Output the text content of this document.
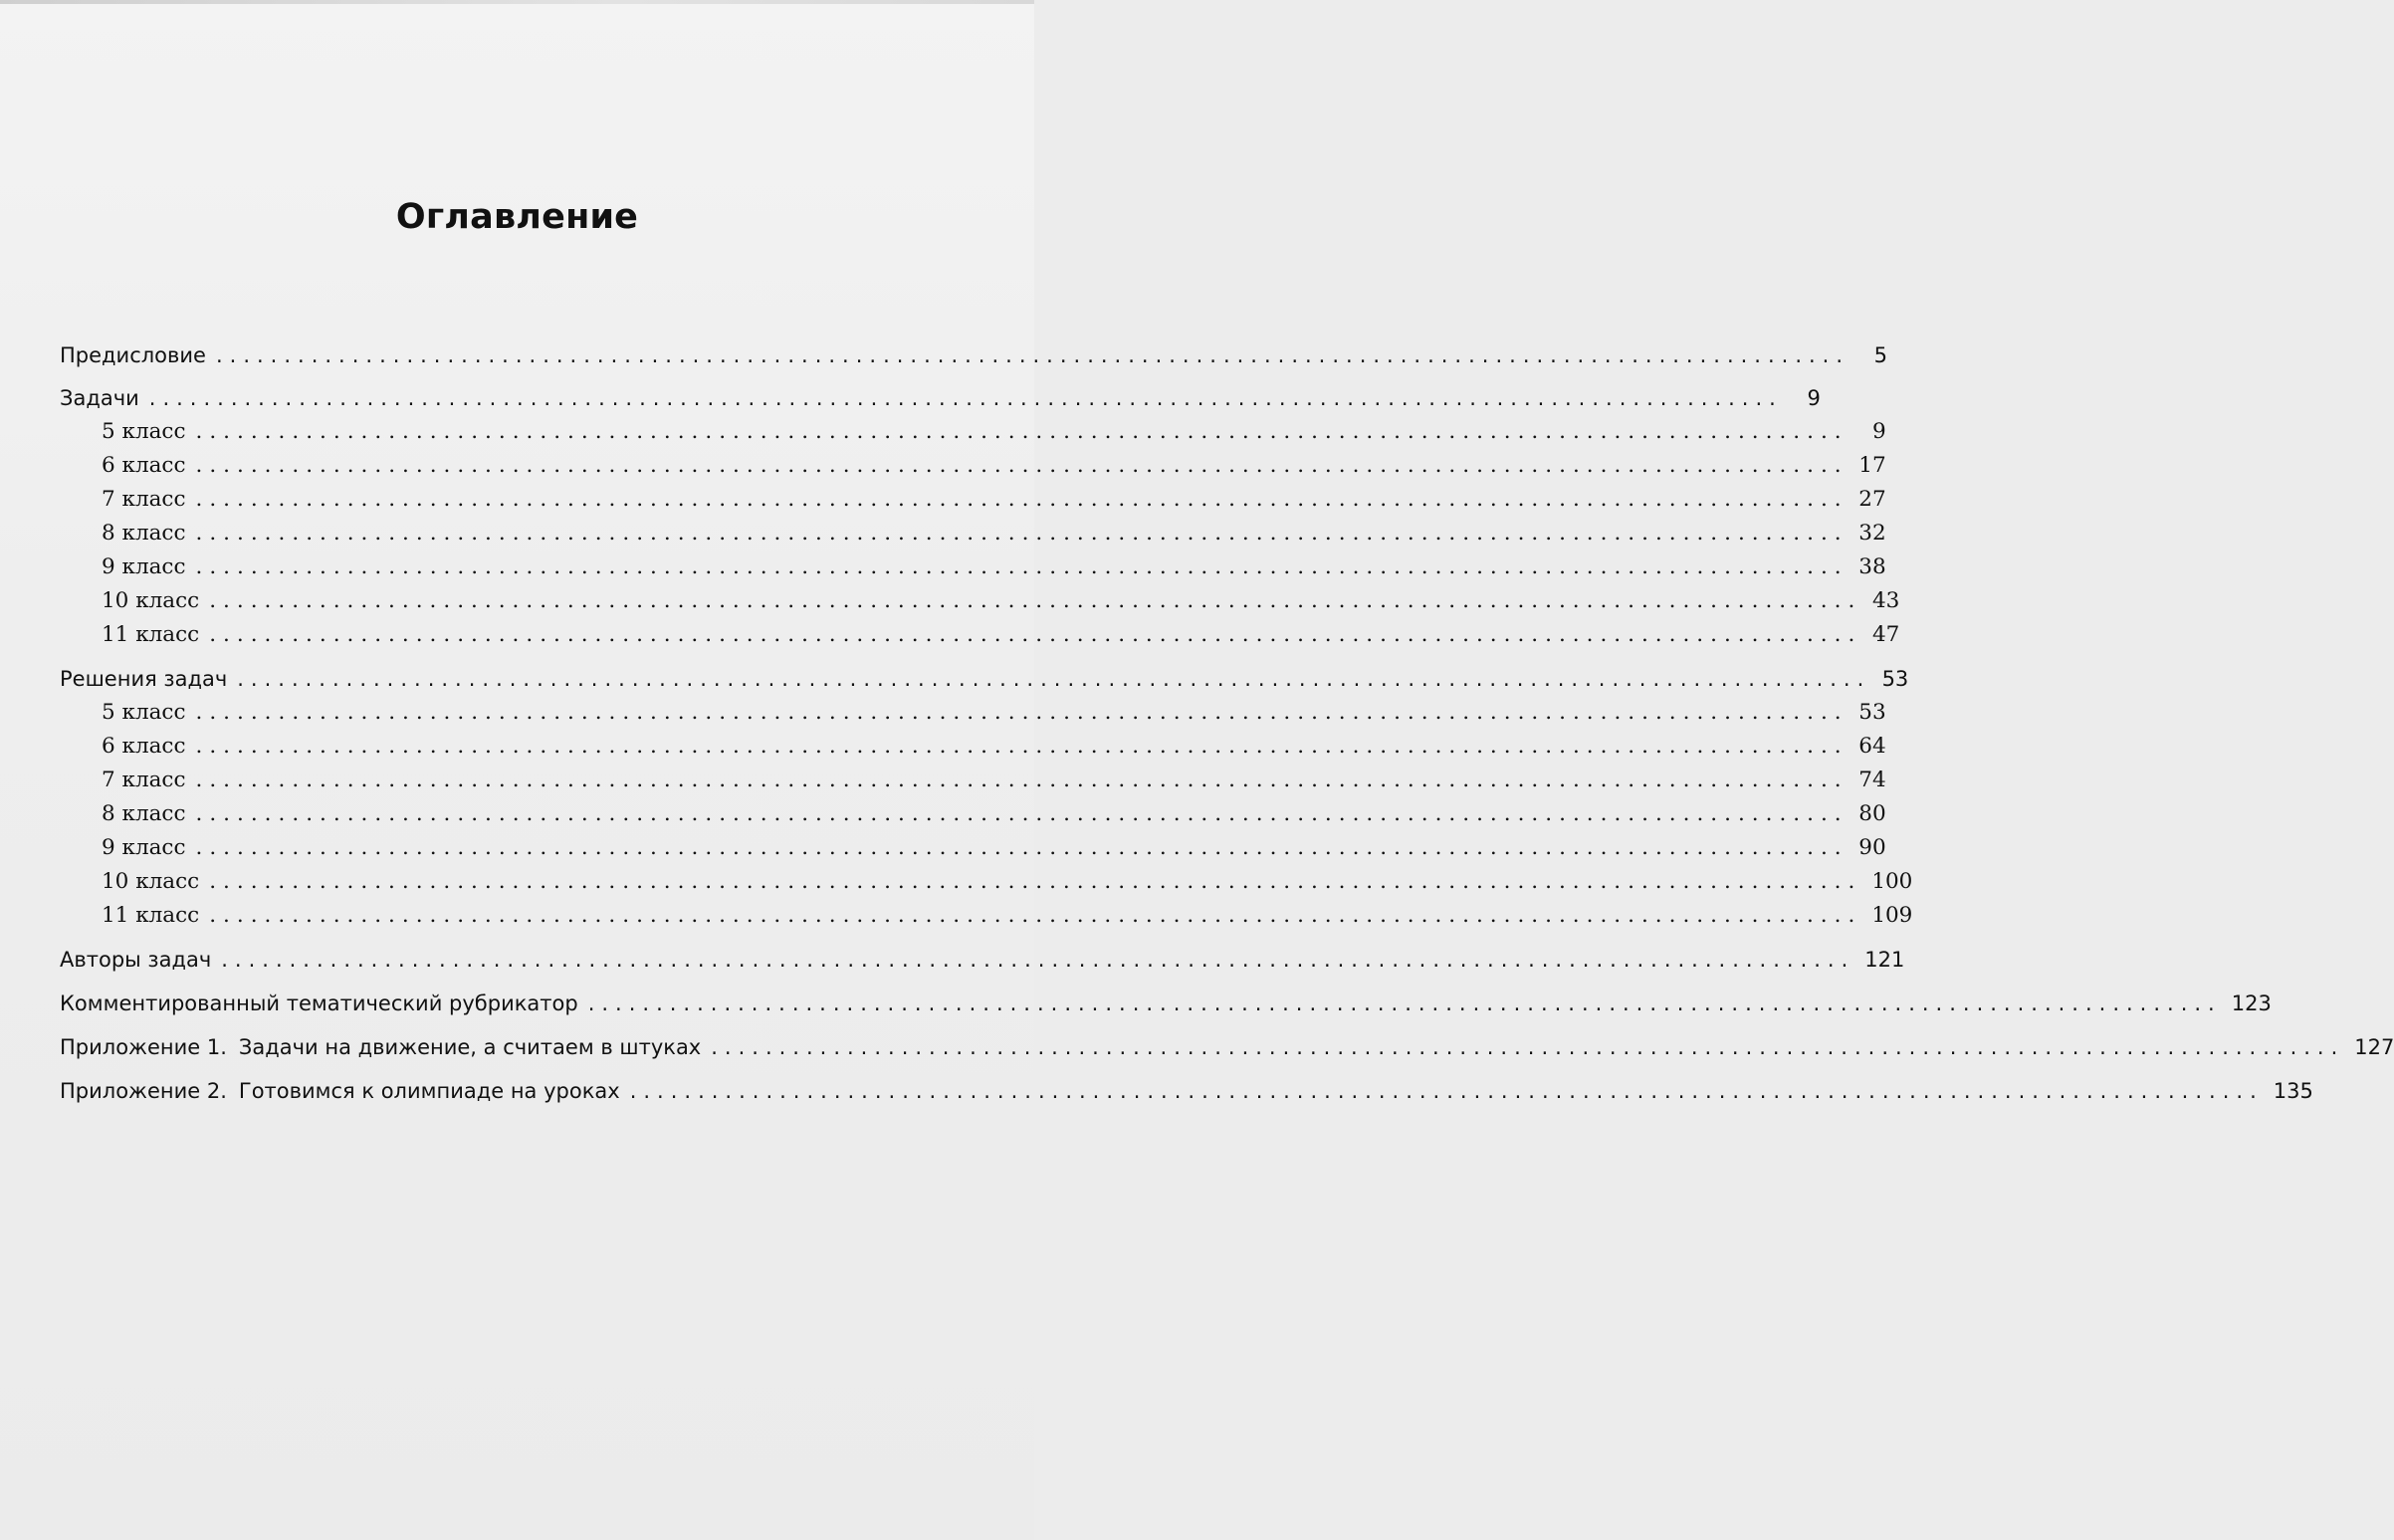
Оглавление
Предисловие ........................................................................................................................	5
Задачи ........................................................................................................................	9
5 класс ........................................................................................................................	9
6 класс ........................................................................................................................ 17
7 класс ........................................................................................................................ 27
8 класс ........................................................................................................................ 32
9 класс ........................................................................................................................ 38
10 класс ........................................................................................................................ 43
11 класс ........................................................................................................................ 47
Решения задач ........................................................................................................................ 53
5 класс ........................................................................................................................ 53
6 класс ........................................................................................................................ 64
7 класс ........................................................................................................................ 74
8 класс ........................................................................................................................ 80
9 класс ........................................................................................................................ 90
10 класс ........................................................................................................................ 100
11 класс ........................................................................................................................ 109
Авторы задач ........................................................................................................................ 121
Комментированный тематический рубрикатор ........................................................................................................................ 123
Приложение 1. Задачи на движение, а считаем в штуках ........................................................................................................................ 127
Приложение 2. Готовимся к олимпиаде на уроках ........................................................................................................................ 135
